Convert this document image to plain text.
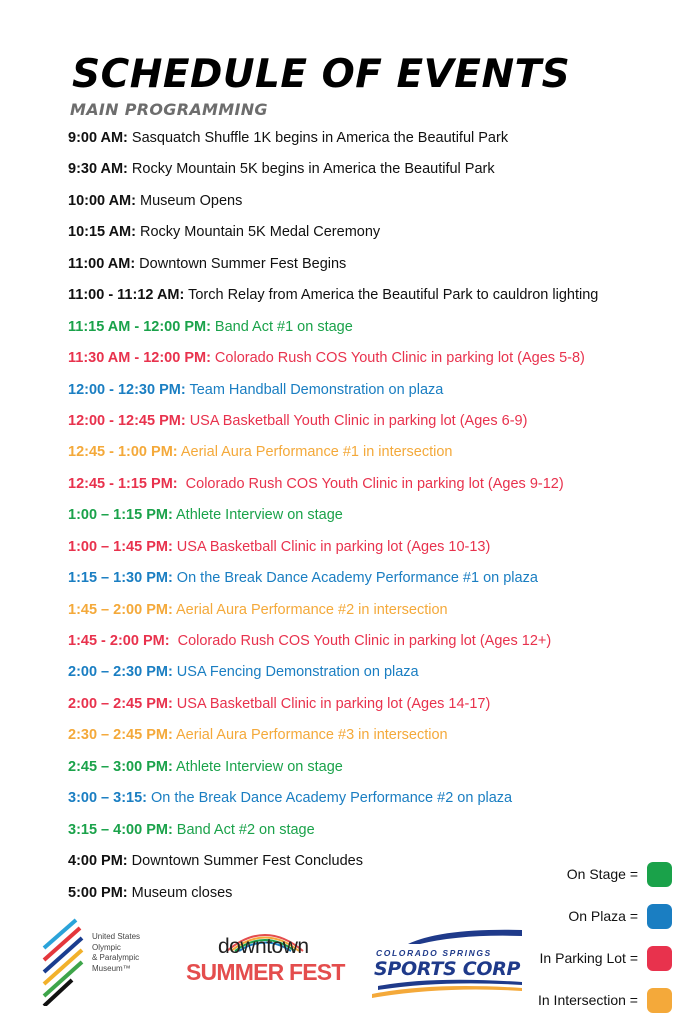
SCHEDULE OF EVENTS
MAIN PROGRAMMING
9:00 AM: Sasquatch Shuffle 1K begins in America the Beautiful Park
9:30 AM: Rocky Mountain 5K begins in America the Beautiful Park
10:00 AM: Museum Opens
10:15 AM: Rocky Mountain 5K Medal Ceremony
11:00 AM: Downtown Summer Fest Begins
11:00 - 11:12 AM: Torch Relay from America the Beautiful Park to cauldron lighting
11:15 AM - 12:00 PM: Band Act #1 on stage
11:30 AM - 12:00 PM: Colorado Rush COS Youth Clinic in parking lot (Ages 5-8)
12:00 - 12:30 PM: Team Handball Demonstration on plaza
12:00 - 12:45 PM: USA Basketball Youth Clinic in parking lot (Ages 6-9)
12:45 - 1:00 PM: Aerial Aura Performance #1 in intersection
12:45 - 1:15 PM:  Colorado Rush COS Youth Clinic in parking lot (Ages 9-12)
1:00 – 1:15 PM: Athlete Interview on stage
1:00 – 1:45 PM: USA Basketball Clinic in parking lot (Ages 10-13)
1:15 – 1:30 PM: On the Break Dance Academy Performance #1 on plaza
1:45 – 2:00 PM: Aerial Aura Performance #2 in intersection
1:45 - 2:00 PM:  Colorado Rush COS Youth Clinic in parking lot (Ages 12+)
2:00 – 2:30 PM: USA Fencing Demonstration on plaza
2:00 – 2:45 PM: USA Basketball Clinic in parking lot (Ages 14-17)
2:30 – 2:45 PM: Aerial Aura Performance #3 in intersection
2:45 – 3:00 PM: Athlete Interview on stage
3:00 – 3:15: On the Break Dance Academy Performance #2 on plaza
3:15 – 4:00 PM: Band Act #2 on stage
4:00 PM: Downtown Summer Fest Concludes
5:00 PM: Museum closes
On Stage =
On Plaza =
In Parking Lot =
In Intersection =
United States
Olympic
& Paralympic
Museum™
downtown
SUMMER FEST
COLORADO SPRINGS
SPORTS CORP
